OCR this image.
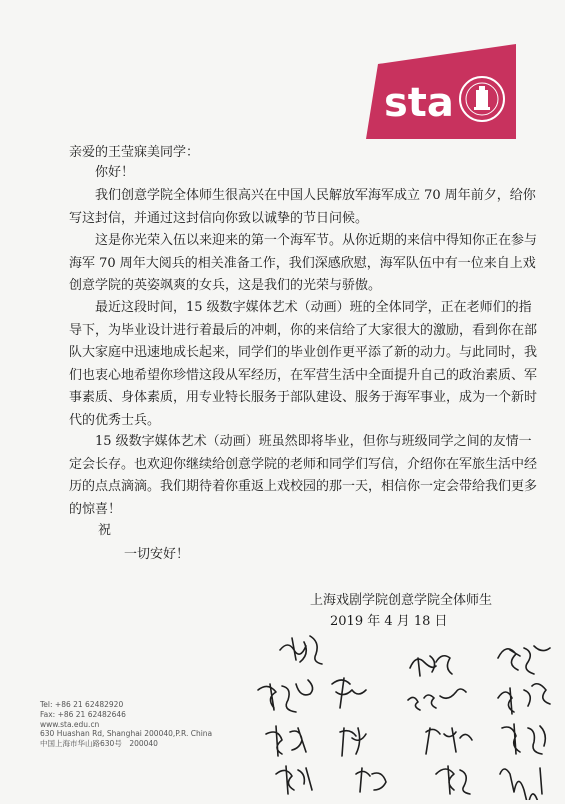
sta
亲爱的王莹寐美同学：
你好！
我们创意学院全体师生很高兴在中国人民解放军海军成立 70 周年前夕，给你写这封信，并通过这封信向你致以诚挚的节日问候。
这是你光荣入伍以来迎来的第一个海军节。从你近期的来信中得知你正在参与海军 70 周年大阅兵的相关准备工作，我们深感欣慰，海军队伍中有一位来自上戏创意学院的英姿飒爽的女兵，这是我们的光荣与骄傲。
最近这段时间，15 级数字媒体艺术（动画）班的全体同学，正在老师们的指导下，为毕业设计进行着最后的冲刺，你的来信给了大家很大的激励，看到你在部队大家庭中迅速地成长起来，同学们的毕业创作更平添了新的动力。与此同时，我们也衷心地希望你珍惜这段从军经历，在军营生活中全面提升自己的政治素质、军事素质、身体素质，用专业特长服务于部队建设、服务于海军事业，成为一个新时代的优秀士兵。
15 级数字媒体艺术（动画）班虽然即将毕业，但你与班级同学之间的友情一定会长存。也欢迎你继续给创意学院的老师和同学们写信，介绍你在军旅生活中经历的点点滴滴。我们期待着你重返上戏校园的那一天，相信你一定会带给我们更多的惊喜！
祝
一切安好！
上海戏剧学院创意学院全体师生
2019 年 4 月 18 日
Tel: +86 21 62482920
Fax: +86 21 62482646
www.sta.edu.cn
630 Huashan Rd, Shanghai 200040,P.R. China
中国上海市华山路630号　200040
